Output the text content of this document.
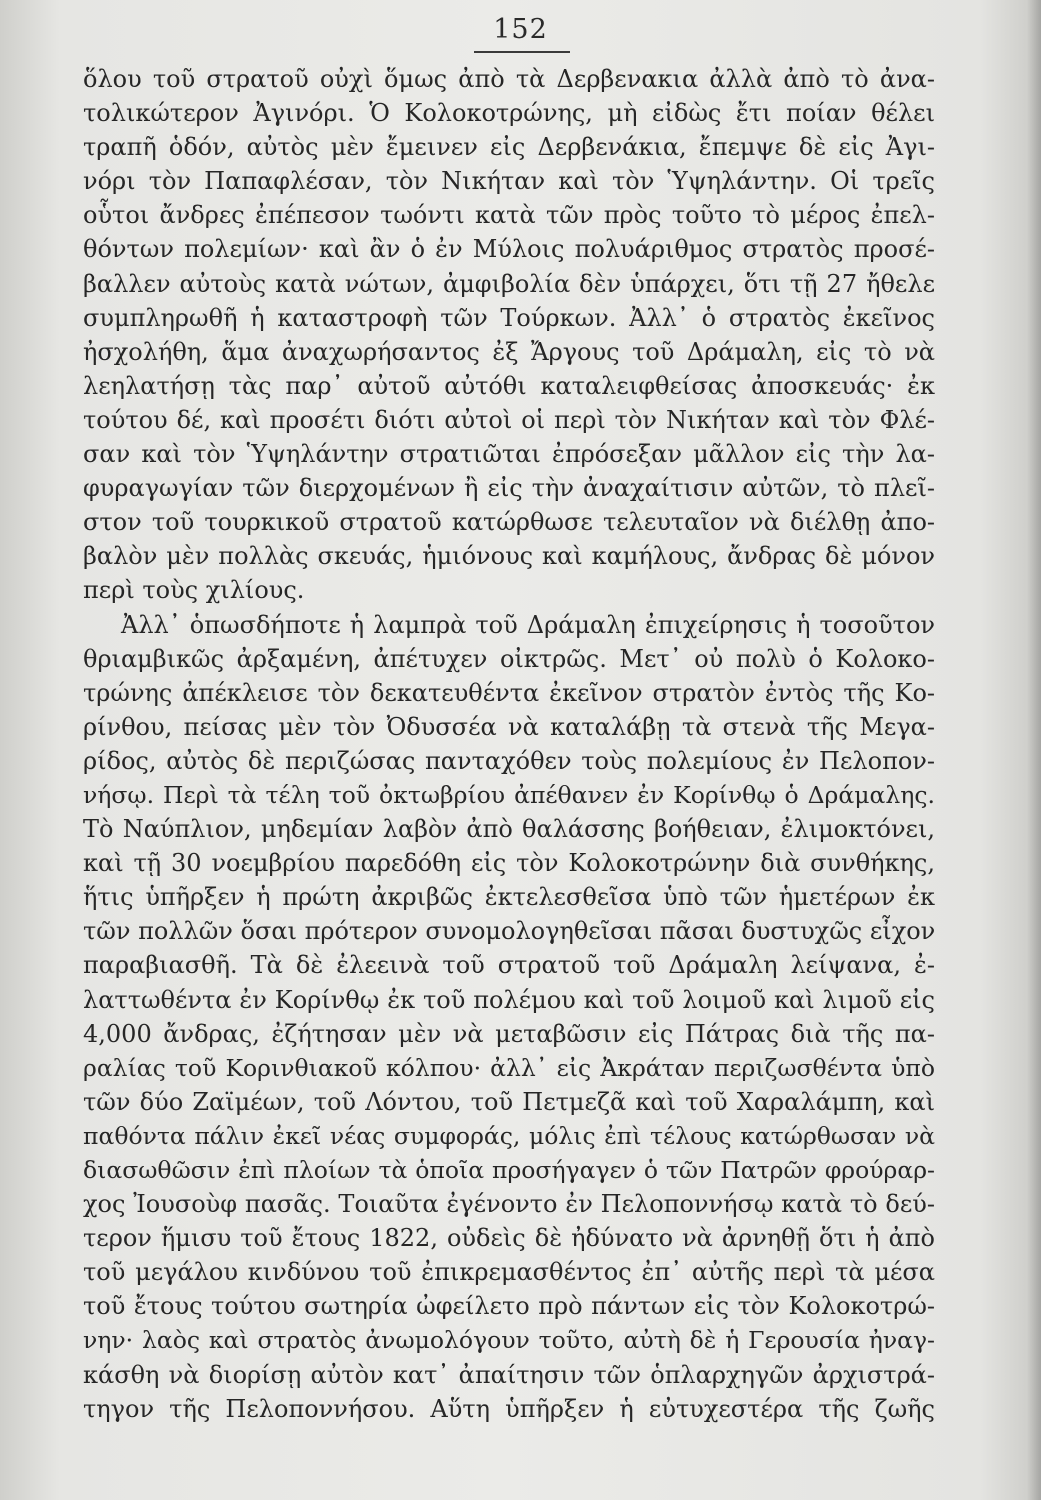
152
ὅλου τοῦ στρατοῦ οὐχὶ ὅμως ἀπὸ τὰ Δερβενακια ἀλλὰ ἀπὸ τὸ ἀνα-
τολικώτερον Ἀγινόρι. Ὁ Κολοκοτρώνης, μὴ εἰδὼς ἔτι ποίαν θέλει
τραπῆ ὁδόν, αὐτὸς μὲν ἔμεινεν εἰς Δερβενάκια, ἔπεμψε δὲ εἰς Ἀγι-
νόρι τὸν Παπαφλέσαν, τὸν Νικήταν καὶ τὸν Ὑψηλάντην. Οἱ τρεῖς
οὗτοι ἄνδρες ἐπέπεσον τωόντι κατὰ τῶν πρὸς τοῦτο τὸ μέρος ἐπελ-
θόντων πολεμίων· καὶ ἂν ὁ ἐν Μύλοις πολυάριθμος στρατὸς προσέ-
βαλλεν αὐτοὺς κατὰ νώτων, ἀμφιβολία δὲν ὑπάρχει, ὅτι τῇ 27 ἤθελε
συμπληρωθῆ ἡ καταστροφὴ τῶν Τούρκων. Ἀλλ᾽ ὁ στρατὸς ἐκεῖνος
ἠσχολήθη, ἅμα ἀναχωρήσαντος ἐξ Ἄργους τοῦ Δράμαλη, εἰς τὸ νὰ
λεηλατήσῃ τὰς παρ᾽ αὐτοῦ αὐτόθι καταλειφθείσας ἀποσκευάς· ἐκ
τούτου δέ, καὶ προσέτι διότι αὐτοὶ οἱ περὶ τὸν Νικήταν καὶ τὸν Φλέ-
σαν καὶ τὸν Ὑψηλάντην στρατιῶται ἐπρόσεξαν μᾶλλον εἰς τὴν λα-
φυραγωγίαν τῶν διερχομένων ἢ εἰς τὴν ἀναχαίτισιν αὐτῶν, τὸ πλεῖ-
στον τοῦ τουρκικοῦ στρατοῦ κατώρθωσε τελευταῖον νὰ διέλθῃ ἀπο-
βαλὸν μὲν πολλὰς σκευάς, ἡμιόνους καὶ καμήλους, ἄνδρας δὲ μόνον
περὶ τοὺς χιλίους.
Ἀλλ᾽ ὁπωσδήποτε ἡ λαμπρὰ τοῦ Δράμαλη ἐπιχείρησις ἡ τοσοῦτον
θριαμβικῶς ἀρξαμένη, ἀπέτυχεν οἰκτρῶς. Μετ᾽ οὐ πολὺ ὁ Κολοκο-
τρώνης ἀπέκλεισε τὸν δεκατευθέντα ἐκεῖνον στρατὸν ἐντὸς τῆς Κο-
ρίνθου, πείσας μὲν τὸν Ὀδυσσέα νὰ καταλάβῃ τὰ στενὰ τῆς Μεγα-
ρίδος, αὐτὸς δὲ περιζώσας πανταχόθεν τοὺς πολεμίους ἐν Πελοπον-
νήσῳ. Περὶ τὰ τέλη τοῦ ὀκτωβρίου ἀπέθανεν ἐν Κορίνθῳ ὁ Δράμαλης.
Τὸ Ναύπλιον, μηδεμίαν λαβὸν ἀπὸ θαλάσσης βοήθειαν, ἐλιμοκτόνει,
καὶ τῇ 30 νοεμβρίου παρεδόθη εἰς τὸν Κολοκοτρώνην διὰ συνθήκης,
ἥτις ὑπῆρξεν ἡ πρώτη ἀκριβῶς ἐκτελεσθεῖσα ὑπὸ τῶν ἡμετέρων ἐκ
τῶν πολλῶν ὅσαι πρότερον συνομολογηθεῖσαι πᾶσαι δυστυχῶς εἶχον
παραβιασθῆ. Τὰ δὲ ἐλεεινὰ τοῦ στρατοῦ τοῦ Δράμαλη λείψανα, ἐ-
λαττωθέντα ἐν Κορίνθῳ ἐκ τοῦ πολέμου καὶ τοῦ λοιμοῦ καὶ λιμοῦ εἰς
4,000 ἄνδρας, ἐζήτησαν μὲν νὰ μεταβῶσιν εἰς Πάτρας διὰ τῆς πα-
ραλίας τοῦ Κορινθιακοῦ κόλπου· ἀλλ᾽ εἰς Ἀκράταν περιζωσθέντα ὑπὸ
τῶν δύο Ζαϊμέων, τοῦ Λόντου, τοῦ Πετμεζᾶ καὶ τοῦ Χαραλάμπη, καὶ
παθόντα πάλιν ἐκεῖ νέας συμφοράς, μόλις ἐπὶ τέλους κατώρθωσαν νὰ
διασωθῶσιν ἐπὶ πλοίων τὰ ὁποῖα προσήγαγεν ὁ τῶν Πατρῶν φρούραρ-
χος Ἰουσοὺφ πασᾶς. Τοιαῦτα ἐγένοντο ἐν Πελοποννήσῳ κατὰ τὸ δεύ-
τερον ἥμισυ τοῦ ἔτους 1822, οὐδεὶς δὲ ἠδύνατο νὰ ἀρνηθῇ ὅτι ἡ ἀπὸ
τοῦ μεγάλου κινδύνου τοῦ ἐπικρεμασθέντος ἐπ᾽ αὐτῆς περὶ τὰ μέσα
τοῦ ἔτους τούτου σωτηρία ὠφείλετο πρὸ πάντων εἰς τὸν Κολοκοτρώ-
νην· λαὸς καὶ στρατὸς ἀνωμολόγουν τοῦτο, αὐτὴ δὲ ἡ Γερουσία ἠναγ-
κάσθη νὰ διορίσῃ αὐτὸν κατ᾽ ἀπαίτησιν τῶν ὁπλαρχηγῶν ἀρχιστρά-
τηγον τῆς Πελοποννήσου. Αὕτη ὑπῆρξεν ἡ εὐτυχεστέρα τῆς ζωῆς
